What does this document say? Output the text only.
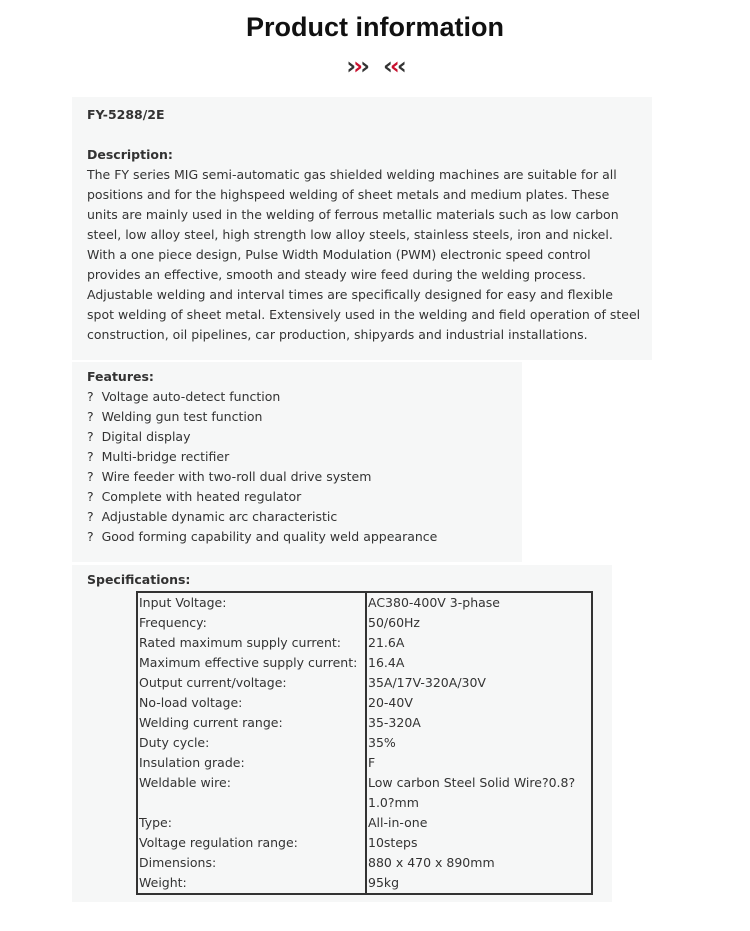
Product information
››› ‹‹‹
FY-5288/2E
Description:
The FY series MIG semi-automatic gas shielded welding machines are suitable for all positions and for the highspeed welding of sheet metals and medium plates. These units are mainly used in the welding of ferrous metallic materials such as low carbon steel, low alloy steel, high strength low alloy steels, stainless steels, iron and nickel. With a one piece design, Pulse Width Modulation (PWM) electronic speed control provides an effective, smooth and steady wire feed during the welding process. Adjustable welding and interval times are specifically designed for easy and flexible spot welding of sheet metal. Extensively used in the welding and field operation of steel construction, oil pipelines, car production, shipyards and industrial installations.
Features:
?  Voltage auto-detect function
?  Welding gun test function
?  Digital display
?  Multi-bridge rectifier
?  Wire feeder with two-roll dual drive system
?  Complete with heated regulator
?  Adjustable dynamic arc characteristic
?  Good forming capability and quality weld appearance
Specifications:
Input Voltage:	AC380-400V 3-phase
Frequency:	50/60Hz
Rated maximum supply current:	21.6A
Maximum effective supply current:	16.4A
Output current/voltage:	35A/17V-320A/30V
No-load voltage:	20-40V
Welding current range:	35-320A
Duty cycle:	35%
Insulation grade:	F
Weldable wire:	Low carbon Steel Solid Wire?0.8?1.0?mm
Type:	All-in-one
Voltage regulation range:	10steps
Dimensions:	880 x 470 x 890mm
Weight:	95kg
